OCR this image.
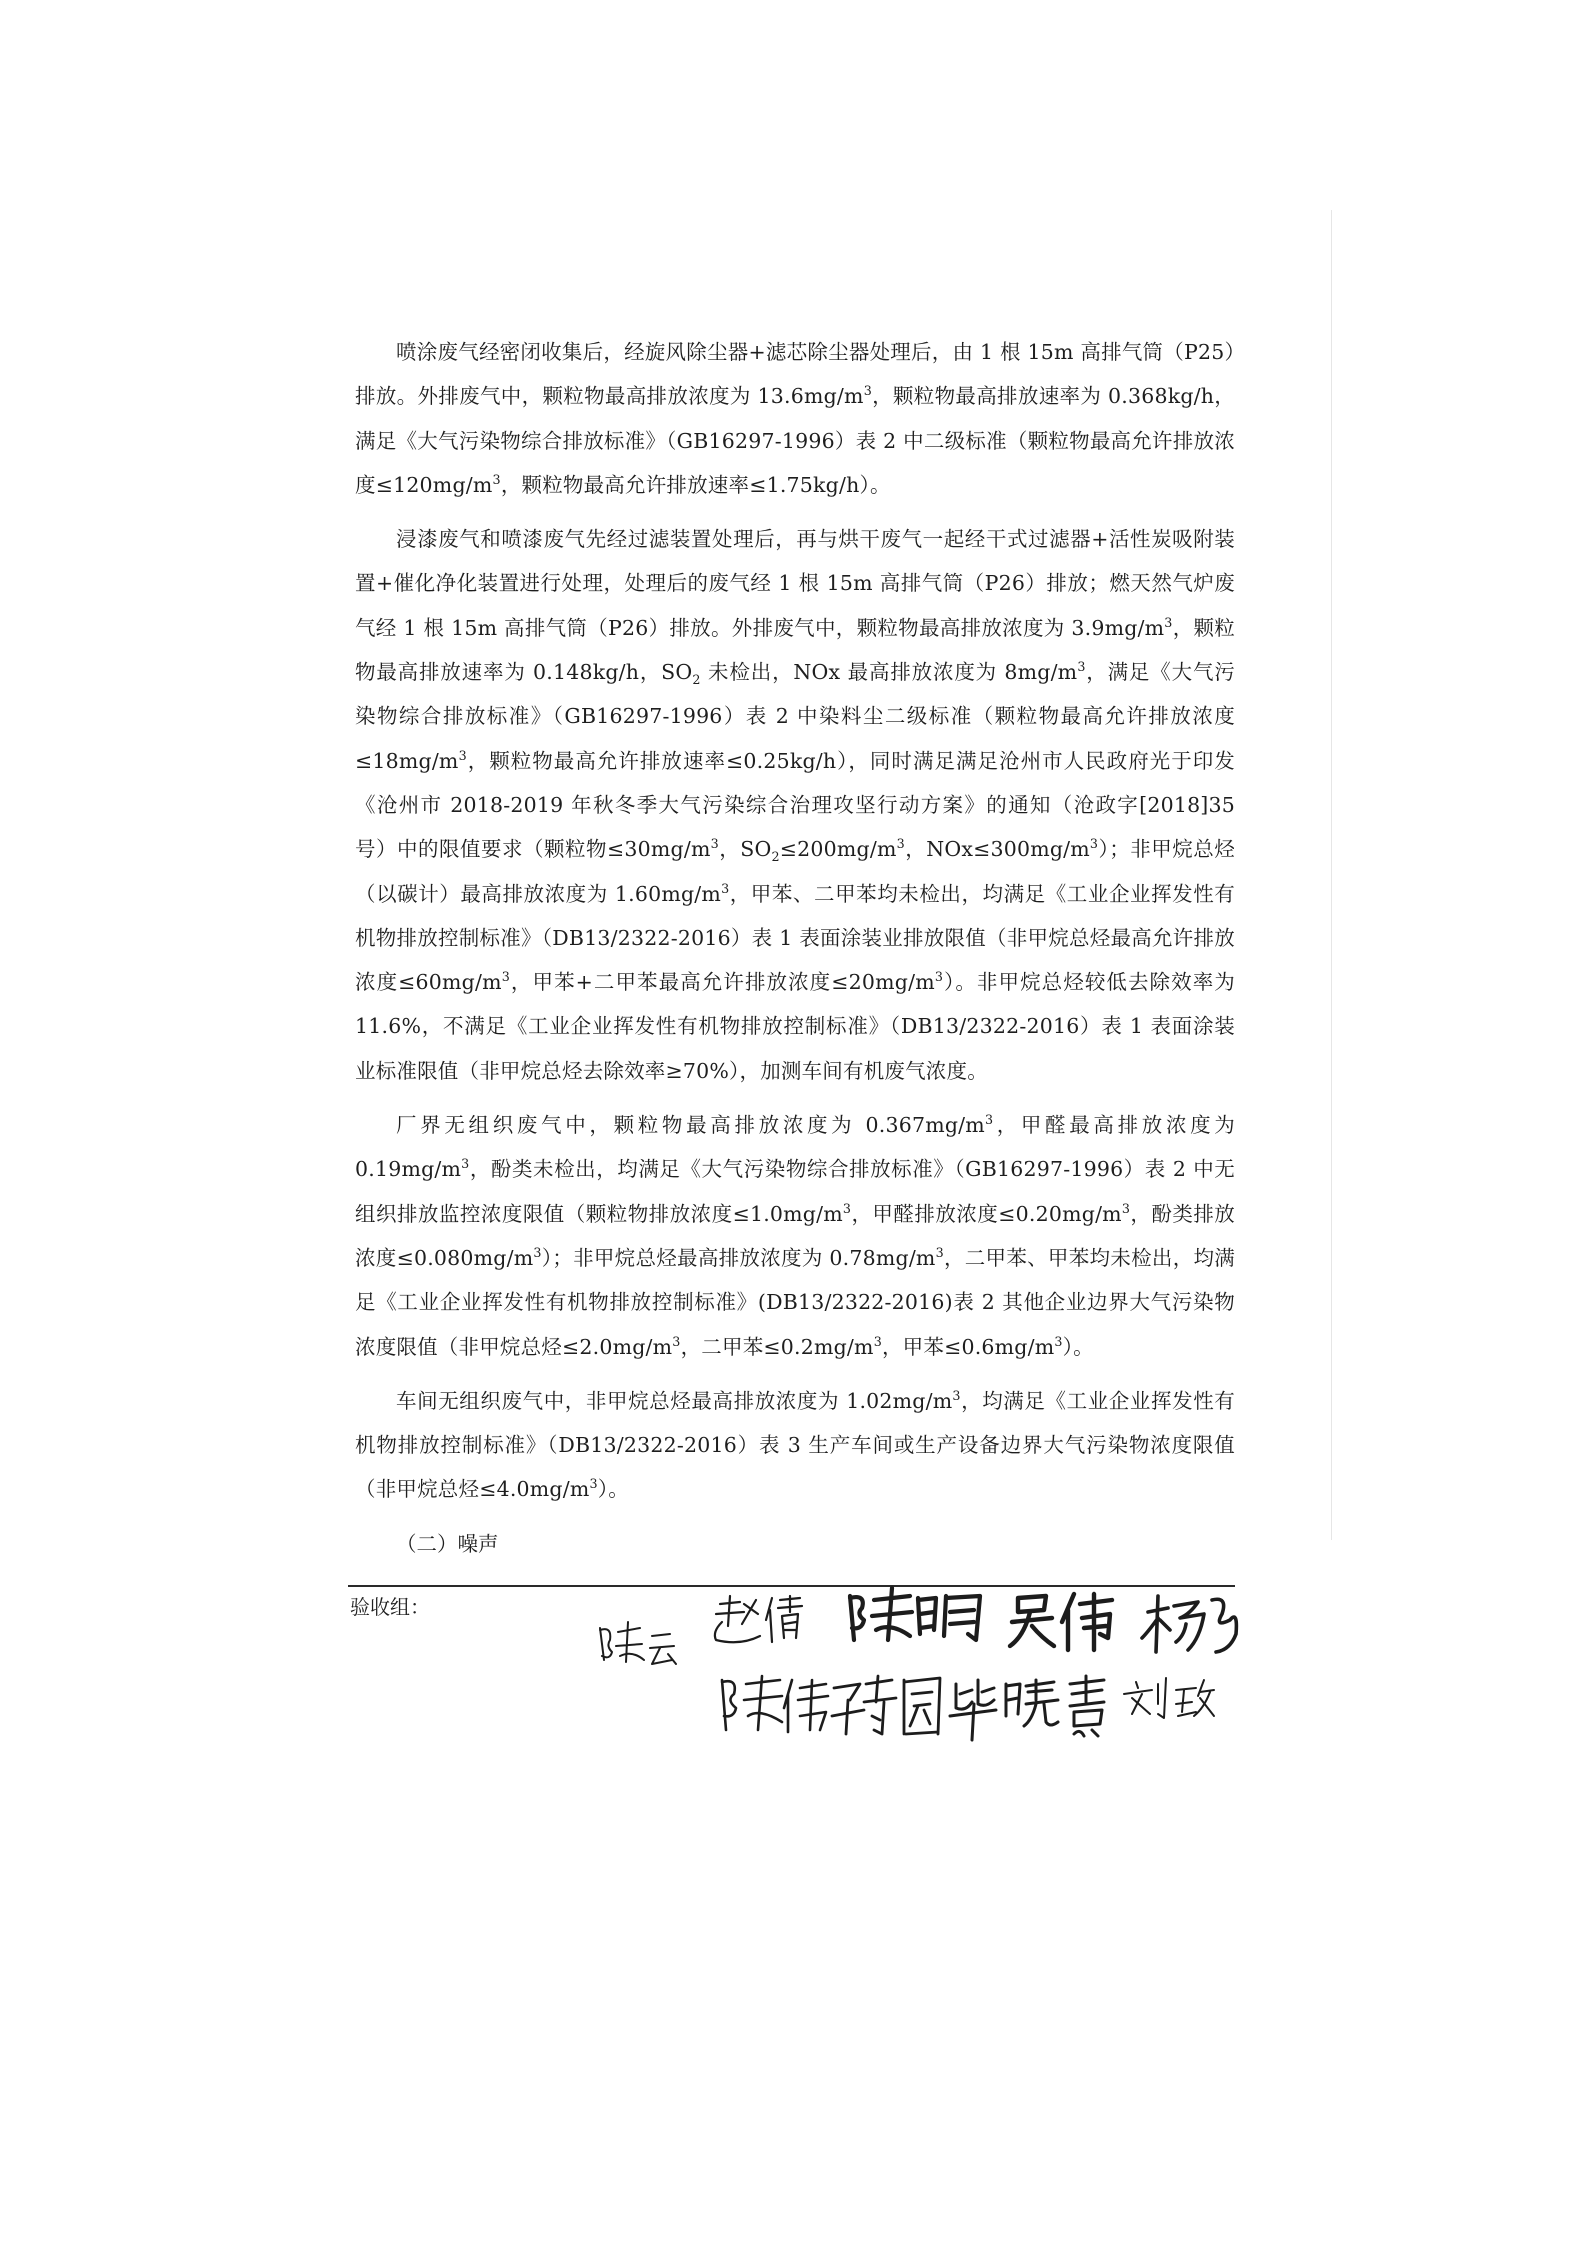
喷涂废气经密闭收集后，经旋风除尘器+滤芯除尘器处理后，由 1 根 15m 高排气筒（P25）排放。外排废气中，颗粒物最高排放浓度为 $13.6mg/m^3$，颗粒物最高排放速率为 0.368kg/h，满足《大气污染物综合排放标准》（GB16297-1996）表 2 中二级标准（颗粒物最高允许排放浓度$\le 120mg/m^3$，颗粒物最高允许排放速率≤1.75kg/h）。

浸漆废气和喷漆废气先经过滤装置处理后，再与烘干废气一起经干式过滤器+活性炭吸附装置+催化净化装置进行处理，处理后的废气经 1 根 15m 高排气筒（P26）排放；燃天然气炉废气经 1 根 15m 高排气筒（P26）排放。外排废气中，颗粒物最高排放浓度为 $3.9mg/m^3$，颗粒物最高排放速率为 0.148kg/h，$SO_2$ 未检出，NOx 最高排放浓度为 $8mg/m^3$，满足《大气污染物综合排放标准》（GB16297-1996）表 2 中染料尘二级标准（颗粒物最高允许排放浓度$\le 18mg/m^3$，颗粒物最高允许排放速率≤0.25kg/h），同时满足满足沧州市人民政府光于印发《沧州市 2018-2019 年秋冬季大气污染综合治理攻坚行动方案》的通知（沧政字[2018]35 号）中的限值要求（颗粒物$\le 30mg/m^3$，$SO_2\le 200mg/m^3$，$NOx\le 300mg/m^3$）；非甲烷总烃（以碳计）最高排放浓度为 $1.60mg/m^3$，甲苯、二甲苯均未检出，均满足《工业企业挥发性有机物排放控制标准》（DB13/2322-2016）表 1 表面涂装业排放限值（非甲烷总烃最高允许排放浓度$\le 60mg/m^3$，甲苯+二甲苯最高允许排放浓度$\le 20mg/m^3$）。非甲烷总烃较低去除效率为 11.6%，不满足《工业企业挥发性有机物排放控制标准》（DB13/2322-2016）表 1 表面涂装业标准限值（非甲烷总烃去除效率≥70%），加测车间有机废气浓度。

厂界无组织废气中，颗粒物最高排放浓度为 $0.367mg/m^3$，甲醛最高排放浓度为 $0.19mg/m^3$，酚类未检出，均满足《大气污染物综合排放标准》（GB16297-1996）表 2 中无组织排放监控浓度限值（颗粒物排放浓度$\le 1.0mg/m^3$，甲醛排放浓度$\le 0.20mg/m^3$，酚类排放浓度$\le 0.080mg/m^3$）；非甲烷总烃最高排放浓度为 $0.78mg/m^3$，二甲苯、甲苯均未检出，均满足《工业企业挥发性有机物排放控制标准》(DB13/2322-2016)表 2 其他企业边界大气污染物浓度限值（非甲烷总烃$\le 2.0mg/m^3$，二甲苯$\le 0.2mg/m^3$，甲苯$\le 0.6mg/m^3$）。

车间无组织废气中，非甲烷总烃最高排放浓度为 $1.02mg/m^3$，均满足《工业企业挥发性有机物排放控制标准》（DB13/2322-2016）表 3 生产车间或生产设备边界大气污染物浓度限值（非甲烷总烃$\le 4.0mg/m^3$）。

（二）噪声

验收组：
